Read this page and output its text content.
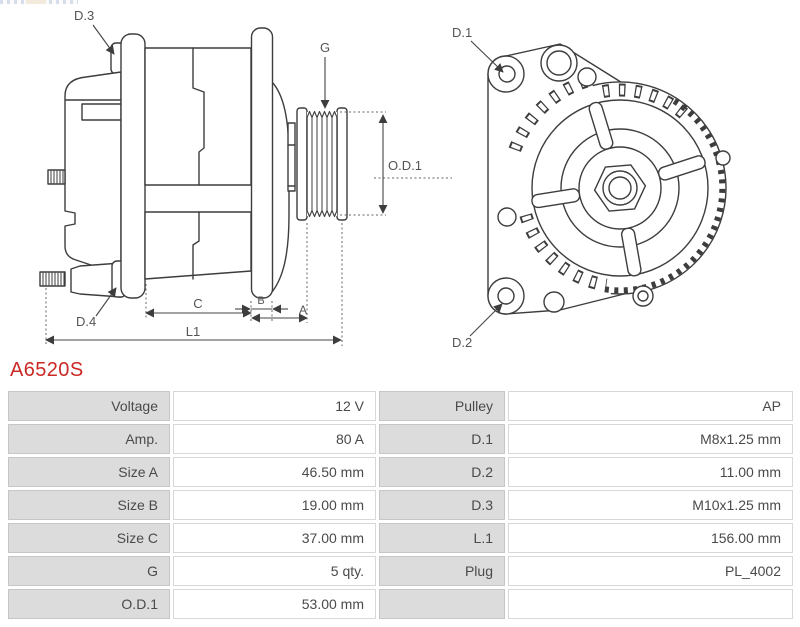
D.3
G
O.D.1
D.4
C	B
A
L1
D.1
D.2
A6520S
Voltage	12 V	Pulley	AP
Amp.	80 A	D.1	M8x1.25 mm
Size A	46.50 mm	D.2	11.00 mm
Size B	19.00 mm	D.3	M10x1.25 mm
Size C	37.00 mm	L.1	156.00 mm
G	5 qty.	Plug	PL_4002
O.D.1	53.00 mm
